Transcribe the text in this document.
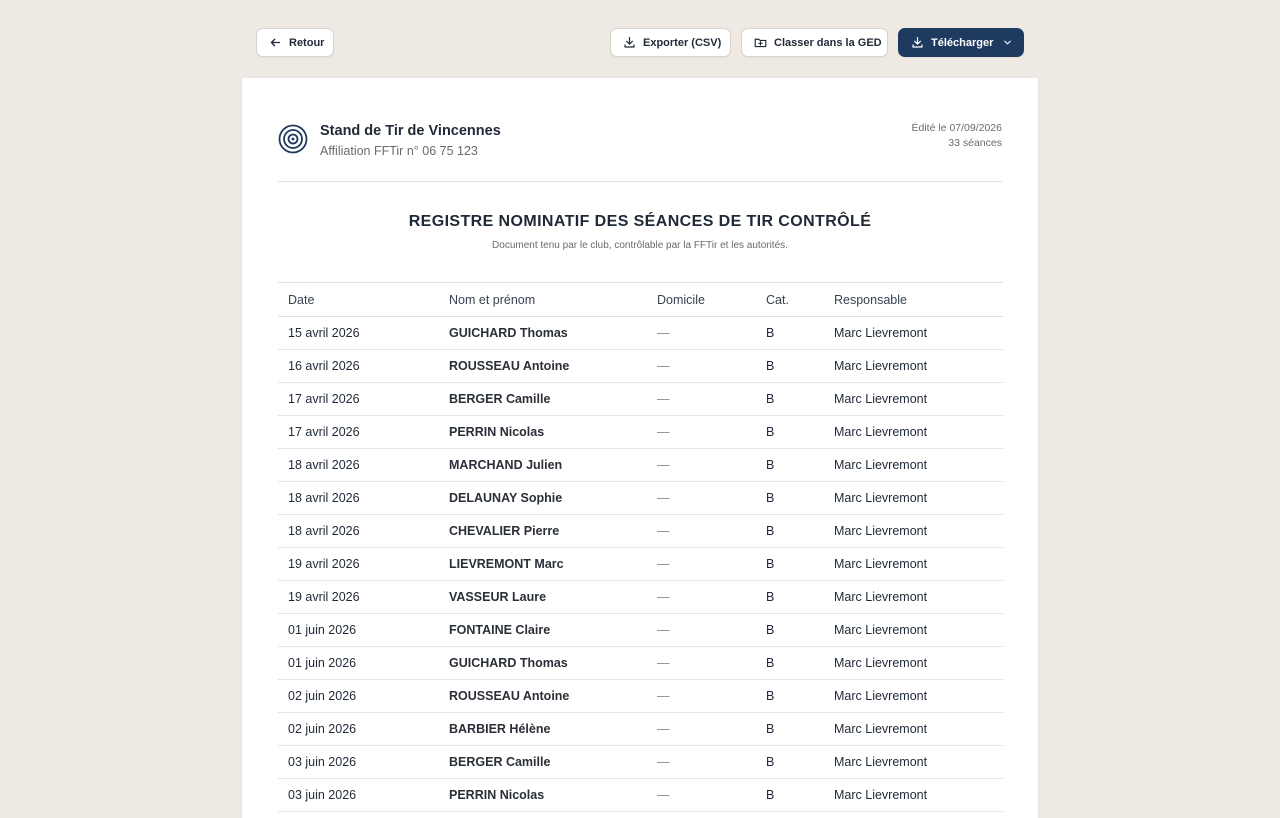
Retour	Exporter (CSV)	Classer dans la GED	Télécharger
Stand de Tir de Vincennes
Affiliation FFTir n° 06 75 123
Édité le 07/09/2026
33 séances
REGISTRE NOMINATIF DES SÉANCES DE TIR CONTRÔLÉ
Document tenu par le club, contrôlable par la FFTir et les autorités.
Date	Nom et prénom	Domicile	Cat.	Responsable
15 avril 2026	GUICHARD Thomas	—	B	Marc Lievremont
16 avril 2026	ROUSSEAU Antoine	—	B	Marc Lievremont
17 avril 2026	BERGER Camille	—	B	Marc Lievremont
17 avril 2026	PERRIN Nicolas	—	B	Marc Lievremont
18 avril 2026	MARCHAND Julien	—	B	Marc Lievremont
18 avril 2026	DELAUNAY Sophie	—	B	Marc Lievremont
18 avril 2026	CHEVALIER Pierre	—	B	Marc Lievremont
19 avril 2026	LIEVREMONT Marc	—	B	Marc Lievremont
19 avril 2026	VASSEUR Laure	—	B	Marc Lievremont
01 juin 2026	FONTAINE Claire	—	B	Marc Lievremont
01 juin 2026	GUICHARD Thomas	—	B	Marc Lievremont
02 juin 2026	ROUSSEAU Antoine	—	B	Marc Lievremont
02 juin 2026	BARBIER Hélène	—	B	Marc Lievremont
03 juin 2026	BERGER Camille	—	B	Marc Lievremont
03 juin 2026	PERRIN Nicolas	—	B	Marc Lievremont
